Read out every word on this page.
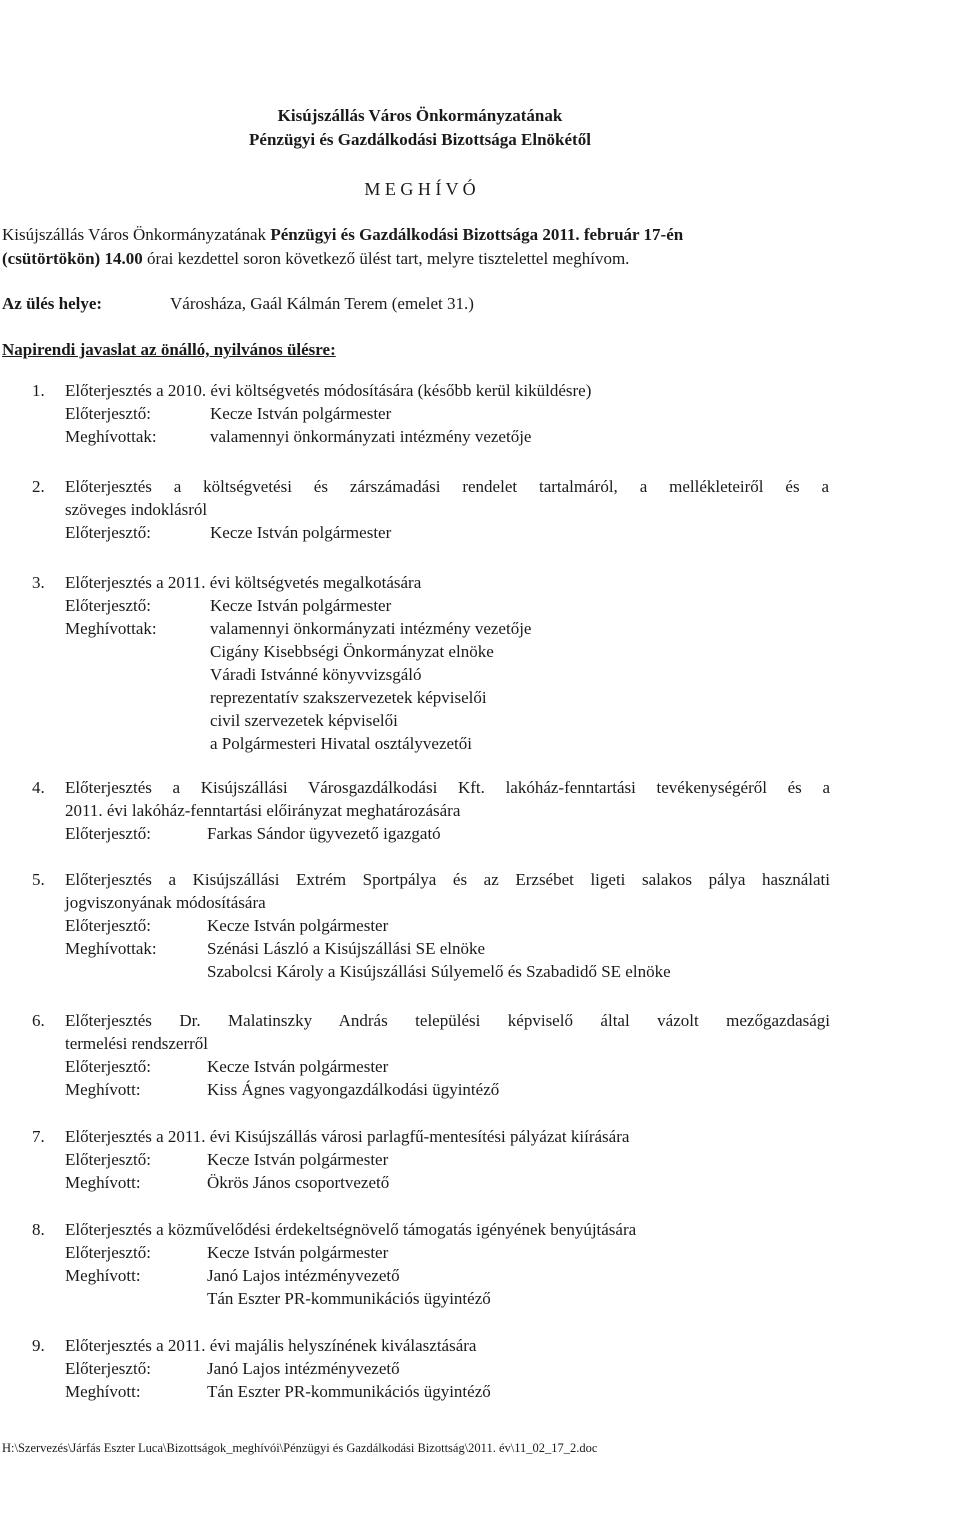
Kisújszállás Város Önkormányzatának
Pénzügyi és Gazdálkodási Bizottsága Elnökétől
M E G H Í V Ó
Kisújszállás Város Önkormányzatának Pénzügyi és Gazdálkodási Bizottsága 2011. február 17-én
(csütörtökön) 14.00 órai kezdettel soron következő ülést tart, melyre tisztelettel meghívom.
Az ülés helye:	Városháza, Gaál Kálmán Terem (emelet 31.)
Napirendi javaslat az önálló, nyilvános ülésre:
1. Előterjesztés a 2010. évi költségvetés módosítására (később kerül kiküldésre)
Előterjesztő:	Kecze István polgármester
Meghívottak:	valamennyi önkormányzati intézmény vezetője
2. Előterjesztés a költségvetési és zárszámadási rendelet tartalmáról, a mellékleteiről és a
szöveges indoklásról
Előterjesztő:	Kecze István polgármester
3. Előterjesztés a 2011. évi költségvetés megalkotására
Előterjesztő:	Kecze István polgármester
Meghívottak:	valamennyi önkormányzati intézmény vezetője
Cigány Kisebbségi Önkormányzat elnöke
Váradi Istvánné könyvvizsgáló
reprezentatív szakszervezetek képviselői
civil szervezetek képviselői
a Polgármesteri Hivatal osztályvezetői
4. Előterjesztés a Kisújszállási Városgazdálkodási Kft. lakóház-fenntartási tevékenységéről és a
2011. évi lakóház-fenntartási előirányzat meghatározására
Előterjesztő:	Farkas Sándor ügyvezető igazgató
5. Előterjesztés a Kisújszállási Extrém Sportpálya és az Erzsébet ligeti salakos pálya használati
jogviszonyának módosítására
Előterjesztő:	Kecze István polgármester
Meghívottak:	Szénási László a Kisújszállási SE elnöke
Szabolcsi Károly a Kisújszállási Súlyemelő és Szabadidő SE elnöke
6. Előterjesztés Dr. Malatinszky András települési képviselő által vázolt mezőgazdasági
termelési rendszerről
Előterjesztő:	Kecze István polgármester
Meghívott:	Kiss Ágnes vagyongazdálkodási ügyintéző
7. Előterjesztés a 2011. évi Kisújszállás városi parlagfű-mentesítési pályázat kiírására
Előterjesztő:	Kecze István polgármester
Meghívott:	Ökrös János csoportvezető
8. Előterjesztés a közművelődési érdekeltségnövelő támogatás igényének benyújtására
Előterjesztő:	Kecze István polgármester
Meghívott:	Janó Lajos intézményvezető
Tán Eszter PR-kommunikációs ügyintéző
9. Előterjesztés a 2011. évi majális helyszínének kiválasztására
Előterjesztő:	Janó Lajos intézményvezető
Meghívott:	Tán Eszter PR-kommunikációs ügyintéző
H:\Szervezés\Járfás Eszter Luca\Bizottságok_meghívói\Pénzügyi és Gazdálkodási Bizottság\2011. év\11_02_17_2.doc
